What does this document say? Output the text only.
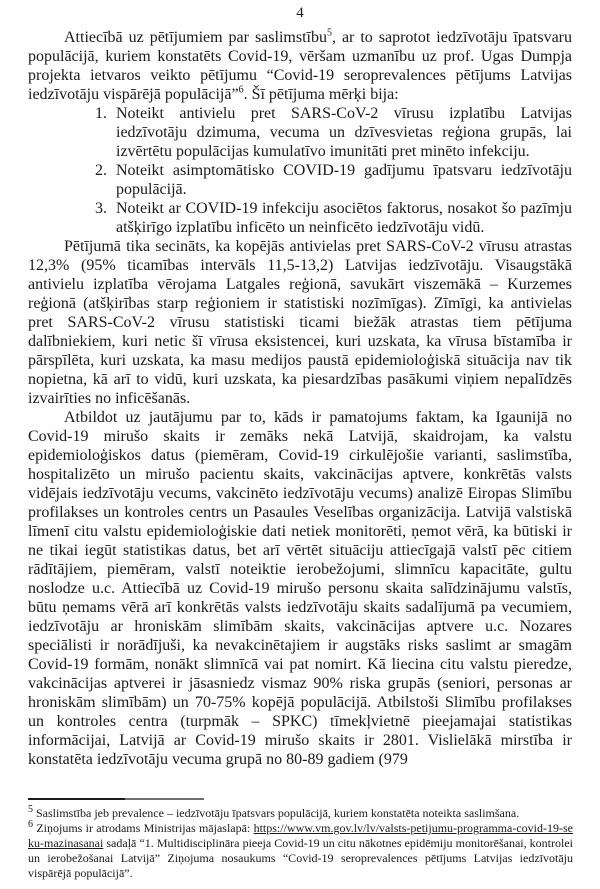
4

Attiecībā uz pētījumiem par saslimstību$^5$, ar to saprotot iedzīvotāju īpatsvaru populācijā, kuriem konstatēts Covid-19, vēršam uzmanību uz prof. Ugas Dumpja projekta ietvaros veikto pētījumu “Covid-19 seroprevalences pētījums Latvijas iedzīvotāju vispārējā populācijā”$^6$. Šī pētījuma mērķi bija:

1. Noteikt antivielu pret SARS-CoV-2 vīrusu izplatību Latvijas iedzīvotāju dzimuma, vecuma un dzīvesvietas reģiona grupās, lai izvērtētu populācijas kumulatīvo imunitāti pret minēto infekciju.
2. Noteikt asimptomātisko COVID-19 gadījumu īpatsvaru iedzīvotāju populācijā.
3. Noteikt ar COVID-19 infekciju asociētos faktorus, nosakot šo pazīmju atšķirīgo izplatību inficēto un neinficēto iedzīvotāju vidū.

Pētījumā tika secināts, ka kopējās antivielas pret SARS-CoV-2 vīrusu atrastas 12,3% (95% ticamības intervāls 11,5-13,2) Latvijas iedzīvotāju. Visaugstākā antivielu izplatība vērojama Latgales reģionā, savukārt viszemākā – Kurzemes reģionā (atšķirības starp reģioniem ir statistiski nozīmīgas). Zīmīgi, ka antivielas pret SARS-CoV-2 vīrusu statistiski ticami biežāk atrastas tiem pētījuma dalībniekiem, kuri netic šī vīrusa eksistencei, kuri uzskata, ka vīrusa bīstamība ir pārspīlēta, kuri uzskata, ka masu medijos paustā epidemioloģiskā situācija nav tik nopietna, kā arī to vidū, kuri uzskata, ka piesardzības pasākumi viņiem nepalīdzēs izvairīties no inficēšanās.

Atbildot uz jautājumu par to, kāds ir pamatojums faktam, ka Igaunijā no Covid-19 mirušo skaits ir zemāks nekā Latvijā, skaidrojam, ka valstu epidemioloģiskos datus (piemēram, Covid-19 cirkulējošie varianti, saslimstība, hospitalizēto un mirušo pacientu skaits, vakcinācijas aptvere, konkrētās valsts vidējais iedzīvotāju vecums, vakcinēto iedzīvotāju vecums) analizē Eiropas Slimību profilakses un kontroles centrs un Pasaules Veselības organizācija. Latvijā valstiskā līmenī citu valstu epidemioloģiskie dati netiek monitorēti, ņemot vērā, ka būtiski ir ne tikai iegūt statistikas datus, bet arī vērtēt situāciju attiecīgajā valstī pēc citiem rādītājiem, piemēram, valstī noteiktie ierobežojumi, slimnīcu kapacitāte, gultu noslodze u.c. Attiecībā uz Covid-19 mirušo personu skaita salīdzinājumu valstīs, būtu ņemams vērā arī konkrētās valsts iedzīvotāju skaits sadalījumā pa vecumiem, iedzīvotāju ar hroniskām slimībām skaits, vakcinācijas aptvere u.c. Nozares speciālisti ir norādījuši, ka nevakcinētajiem ir augstāks risks saslimt ar smagām Covid-19 formām, nonākt slimnīcā vai pat nomirt. Kā liecina citu valstu pieredze, vakcinācijas aptverei ir jāsasniedz vismaz 90% riska grupās (seniori, personas ar hroniskām slimībām) un 70-75% kopējā populācijā. Atbilstoši Slimību profilakses un kontroles centra (turpmāk – SPKC) tīmekļvietnē pieejamajai statistikas informācijai, Latvijā ar Covid-19 mirušo skaits ir 2801. Vislielākā mirstība ir konstatēta iedzīvotāju vecuma grupā no 80-89 gadiem (979

$^5$ Saslimstība jeb prevalence – iedzīvotāju īpatsvars populācijā, kuriem konstatēta noteikta saslimšana.
$^6$ Ziņojums ir atrodams Ministrijas mājaslapā: https://www.vm.gov.lv/lv/valsts-petijumu-programma-covid-19-seku-mazinasanai sadaļā “1. Multidisciplināra pieeja Covid-19 un citu nākotnes epidēmiju monitorēšanai, kontrolei un ierobežošanai Latvijā” Ziņojuma nosaukums “Covid-19 seroprevalences pētījums Latvijas iedzīvotāju vispārējā populācijā”.
